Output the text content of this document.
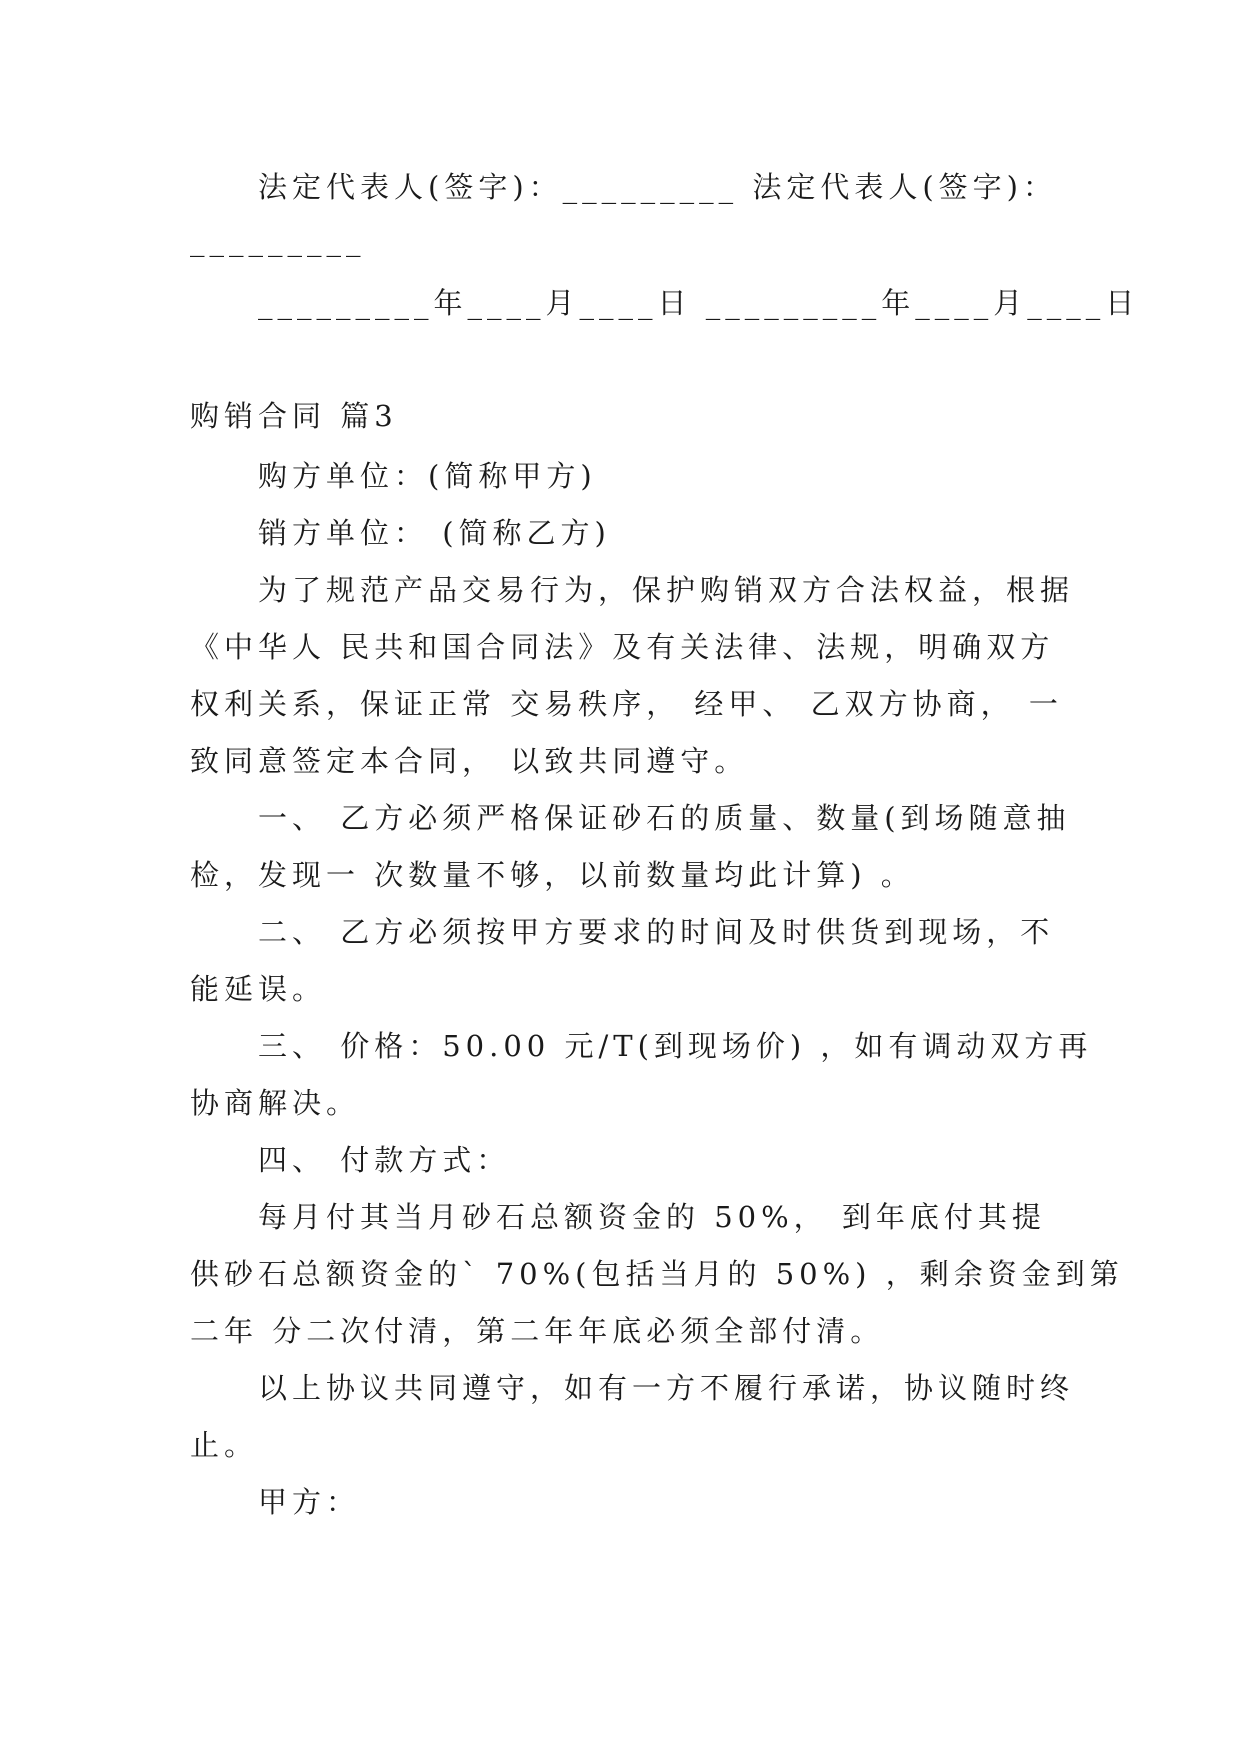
法定代表人(签字)：_________ 法定代表人(签字)：
_________
_________年____月____日 _________年____月____日
购销合同 篇3
购方单位：(简称甲方)
销方单位： (简称乙方)
为了规范产品交易行为，保护购销双方合法权益，根据
《中华人 民共和国合同法》及有关法律、法规，明确双方
权利关系，保证正常 交易秩序， 经甲、 乙双方协商， 一
致同意签定本合同， 以致共同遵守。
一、 乙方必须严格保证砂石的质量、数量(到场随意抽
检，发现一 次数量不够，以前数量均此计算) 。
二、 乙方必须按甲方要求的时间及时供货到现场，不
能延误。
三、 价格：50.00 元/T(到现场价) ，如有调动双方再
协商解决。
四、 付款方式：
每月付其当月砂石总额资金的 50%， 到年底付其提
供砂石总额资金的` 70%(包括当月的 50%) ，剩余资金到第
二年 分二次付清，第二年年底必须全部付清。
以上协议共同遵守，如有一方不履行承诺，协议随时终
止。
甲方：
